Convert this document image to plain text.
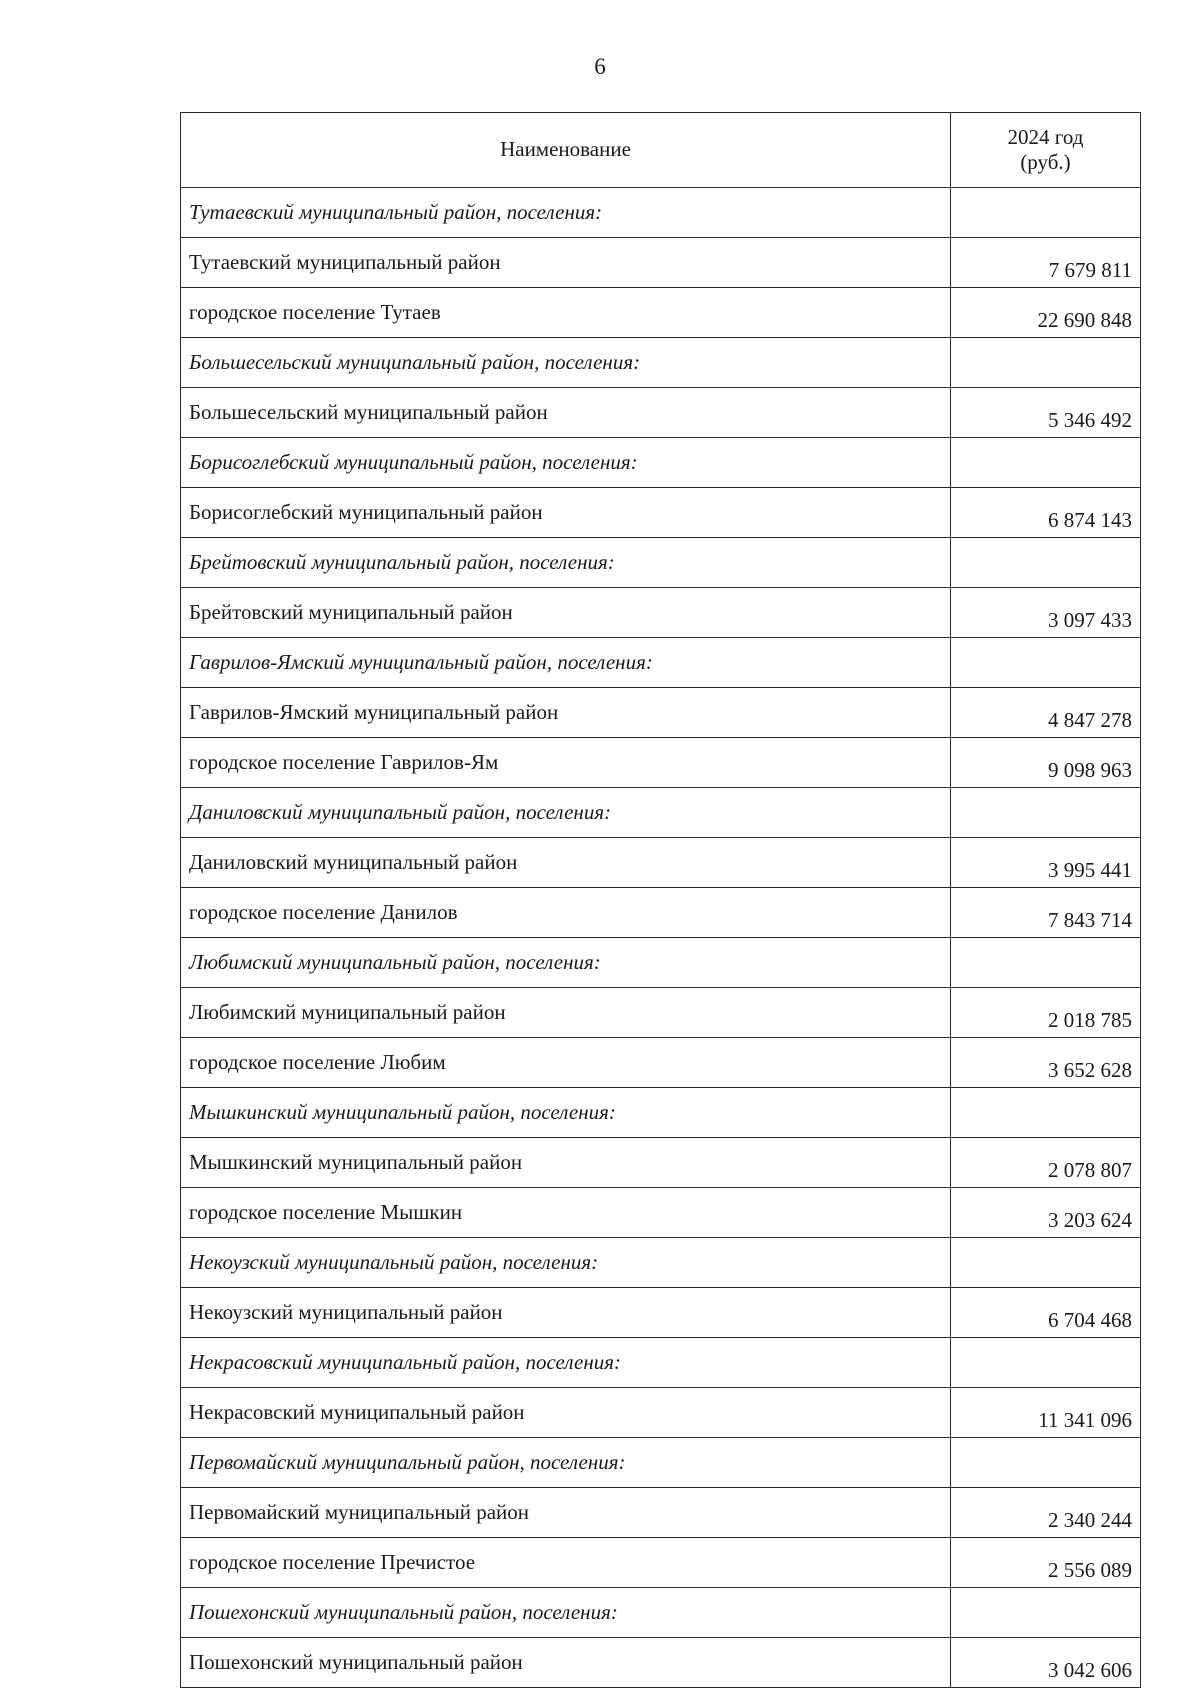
6
Наименование	2024 год
(руб.)

Тутаевский муниципальный район, поселения:	
Тутаевский муниципальный район	7 679 811
городское поселение Тутаев	22 690 848
Большесельский муниципальный район, поселения:	
Большесельский муниципальный район	5 346 492
Борисоглебский муниципальный район, поселения:	
Борисоглебский муниципальный район	6 874 143
Брейтовский муниципальный район, поселения:	
Брейтовский муниципальный район	3 097 433
Гаврилов-Ямский муниципальный район, поселения:	
Гаврилов-Ямский муниципальный район	4 847 278
городское поселение Гаврилов-Ям	9 098 963
Даниловский муниципальный район, поселения:	
Даниловский муниципальный район	3 995 441
городское поселение Данилов	7 843 714
Любимский муниципальный район, поселения:	
Любимский муниципальный район	2 018 785
городское поселение Любим	3 652 628
Мышкинский муниципальный район, поселения:	
Мышкинский муниципальный район	2 078 807
городское поселение Мышкин	3 203 624
Некоузский муниципальный район, поселения:	
Некоузский муниципальный район	6 704 468
Некрасовский муниципальный район, поселения:	
Некрасовский муниципальный район	11 341 096
Первомайский муниципальный район, поселения:	
Первомайский муниципальный район	2 340 244
городское поселение Пречистое	2 556 089
Пошехонский муниципальный район, поселения:	
Пошехонский муниципальный район	3 042 606
